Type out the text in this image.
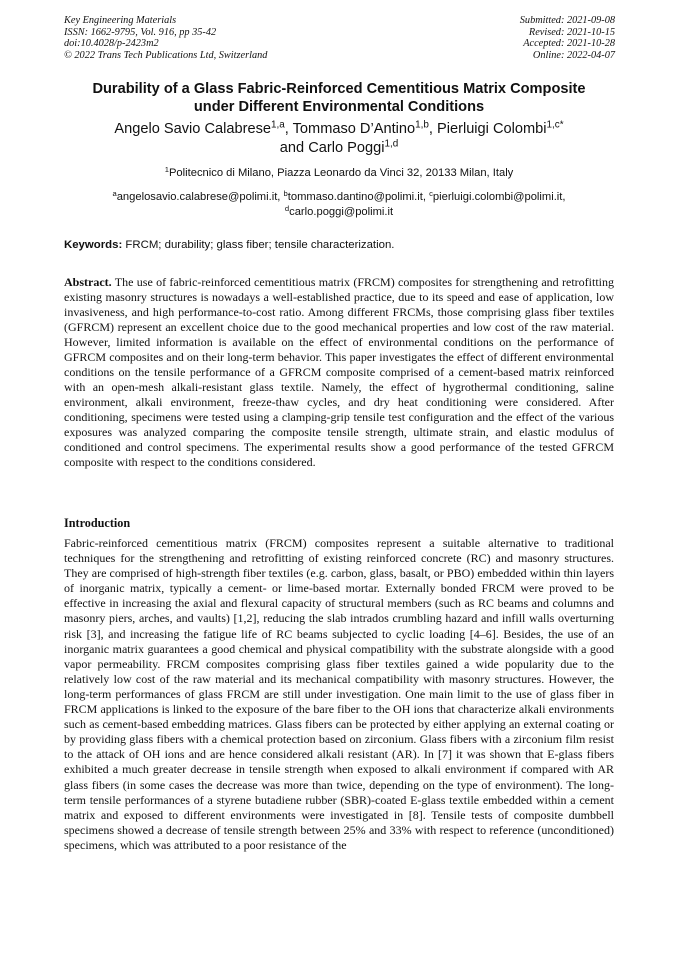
Key Engineering Materials
ISSN: 1662-9795, Vol. 916, pp 35-42
doi:10.4028/p-2423m2
© 2022 Trans Tech Publications Ltd, Switzerland
Submitted: 2021-09-08
Revised: 2021-10-15
Accepted: 2021-10-28
Online: 2022-04-07
Durability of a Glass Fabric-Reinforced Cementitious Matrix Composite
under Different Environmental Conditions
Angelo Savio Calabrese$^{1,a}$, Tommaso D’Antino$^{1,b}$, Pierluigi Colombi$^{1,c*}$
and Carlo Poggi$^{1,d}$
$^1$Politecnico di Milano, Piazza Leonardo da Vinci 32, 20133 Milan, Italy
$^a$angelosavio.calabrese@polimi.it, $^b$tommaso.dantino@polimi.it, $^c$pierluigi.colombi@polimi.it,
$^d$carlo.poggi@polimi.it
Keywords: FRCM; durability; glass fiber; tensile characterization.

Abstract. The use of fabric-reinforced cementitious matrix (FRCM) composites for strengthening and retrofitting existing masonry structures is nowadays a well-established practice, due to its speed and ease of application, low invasiveness, and high performance-to-cost ratio. Among different FRCMs, those comprising glass fiber textiles (GFRCM) represent an excellent choice due to the good mechanical properties and low cost of the raw material. However, limited information is available on the effect of environmental conditions on the performance of GFRCM composites and on their long-term behavior. This paper investigates the effect of different environmental conditions on the tensile performance of a GFRCM composite comprised of a cement-based matrix reinforced with an open-mesh alkali-resistant glass textile. Namely, the effect of hygrothermal conditioning, saline environment, alkali environment, freeze-thaw cycles, and dry heat conditioning were considered. After conditioning, specimens were tested using a clamping-grip tensile test configuration and the effect of the various exposures was analyzed comparing the composite tensile strength, ultimate strain, and elastic modulus of conditioned and control specimens. The experimental results show a good performance of the tested GFRCM composite with respect to the conditions considered.

Introduction

Fabric-reinforced cementitious matrix (FRCM) composites represent a suitable alternative to traditional techniques for the strengthening and retrofitting of existing reinforced concrete (RC) and masonry structures. They are comprised of high-strength fiber textiles (e.g. carbon, glass, basalt, or PBO) embedded within thin layers of inorganic matrix, typically a cement- or lime-based mortar. Externally bonded FRCM were proved to be effective in increasing the axial and flexural capacity of structural members (such as RC beams and columns and masonry piers, arches, and vaults) [1,2], reducing the slab intrados crumbling hazard and infill walls overturning risk [3], and increasing the fatigue life of RC beams subjected to cyclic loading [4–6]. Besides, the use of an inorganic matrix guarantees a good chemical and physical compatibility with the substrate alongside with a good vapor permeability. FRCM composites comprising glass fiber textiles gained a wide popularity due to the relatively low cost of the raw material and its mechanical compatibility with masonry structures. However, the long-term performances of glass FRCM are still under investigation. One main limit to the use of glass fiber in FRCM applications is linked to the exposure of the bare fiber to the OH ions that characterize alkali environments such as cement-based embedding matrices. Glass fibers can be protected by either applying an external coating or by providing glass fibers with a chemical protection based on zirconium. Glass fibers with a zirconium film resist to the attack of OH ions and are hence considered alkali resistant (AR). In [7] it was shown that E-glass fibers exhibited a much greater decrease in tensile strength when exposed to alkali environment if compared with AR glass fibers (in some cases the decrease was more than twice, depending on the type of environment). The long-term tensile performances of a styrene butadiene rubber (SBR)-coated E-glass textile embedded within a cement matrix and exposed to different environments were investigated in [8]. Tensile tests of composite dumbbell specimens showed a decrease of tensile strength between 25% and 33% with respect to reference (unconditioned) specimens, which was attributed to a poor resistance of the
